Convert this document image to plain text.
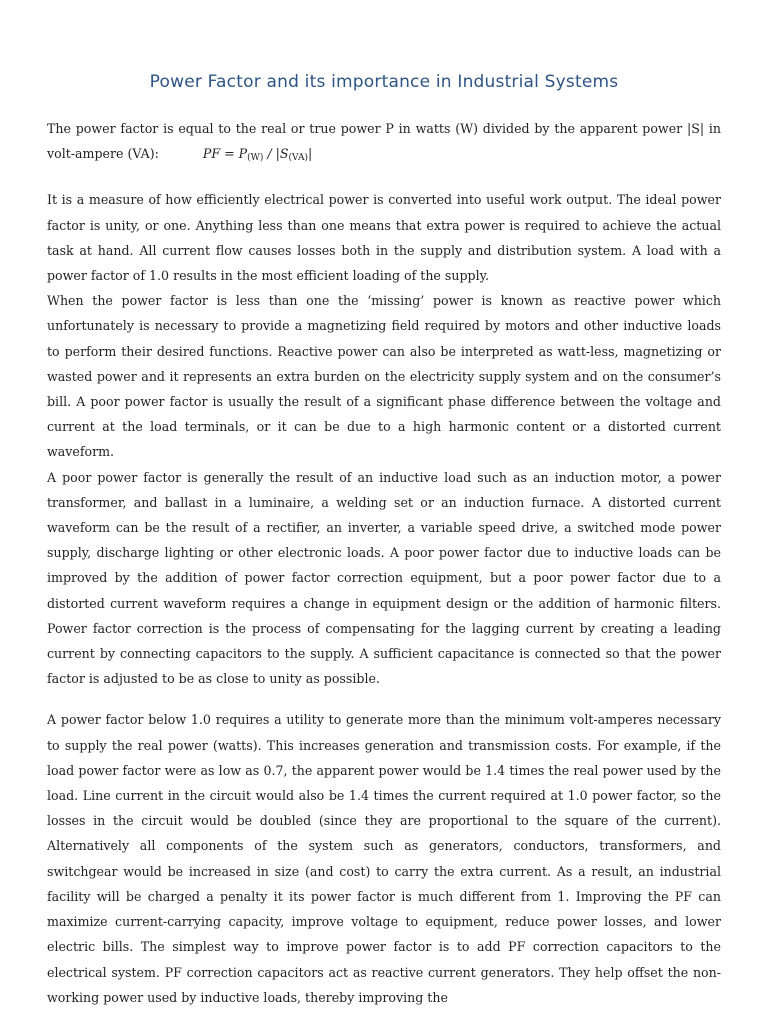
Power Factor and its importance in Industrial Systems

The power factor is equal to the real or true power P in watts (W) divided by the apparent power |S| in volt-ampere (VA):	PF = $P_{(W)} / |S_{(VA)}|$

It is a measure of how efficiently electrical power is converted into useful work output. The ideal power factor is unity, or one. Anything less than one means that extra power is required to achieve the actual task at hand. All current flow causes losses both in the supply and distribution system. A load with a power factor of 1.0 results in the most efficient loading of the supply.

When the power factor is less than one the ‘missing’ power is known as reactive power which unfortunately is necessary to provide a magnetizing field required by motors and other inductive loads to perform their desired functions. Reactive power can also be interpreted as watt-less, magnetizing or wasted power and it represents an extra burden on the electricity supply system and on the consumer’s bill. A poor power factor is usually the result of a significant phase difference between the voltage and current at the load terminals, or it can be due to a high harmonic content or a distorted current waveform.

A poor power factor is generally the result of an inductive load such as an induction motor, a power transformer, and ballast in a luminaire, a welding set or an induction furnace. A distorted current waveform can be the result of a rectifier, an inverter, a variable speed drive, a switched mode power supply, discharge lighting or other electronic loads. A poor power factor due to inductive loads can be improved by the addition of power factor correction equipment, but a poor power factor due to a distorted current waveform requires a change in equipment design or the addition of harmonic filters. Power factor correction is the process of compensating for the lagging current by creating a leading current by connecting capacitors to the supply. A sufficient capacitance is connected so that the power factor is adjusted to be as close to unity as possible.

A power factor below 1.0 requires a utility to generate more than the minimum volt-amperes necessary to supply the real power (watts). This increases generation and transmission costs. For example, if the load power factor were as low as 0.7, the apparent power would be 1.4 times the real power used by the load. Line current in the circuit would also be 1.4 times the current required at 1.0 power factor, so the losses in the circuit would be doubled (since they are proportional to the square of the current). Alternatively all components of the system such as generators, conductors, transformers, and switchgear would be increased in size (and cost) to carry the extra current. As a result, an industrial facility will be charged a penalty it its power factor is much different from 1. Improving the PF can maximize current-carrying capacity, improve voltage to equipment, reduce power losses, and lower electric bills. The simplest way to improve power factor is to add PF correction capacitors to the electrical system. PF correction capacitors act as reactive current generators. They help offset the non-working power used by inductive loads, thereby improving the
